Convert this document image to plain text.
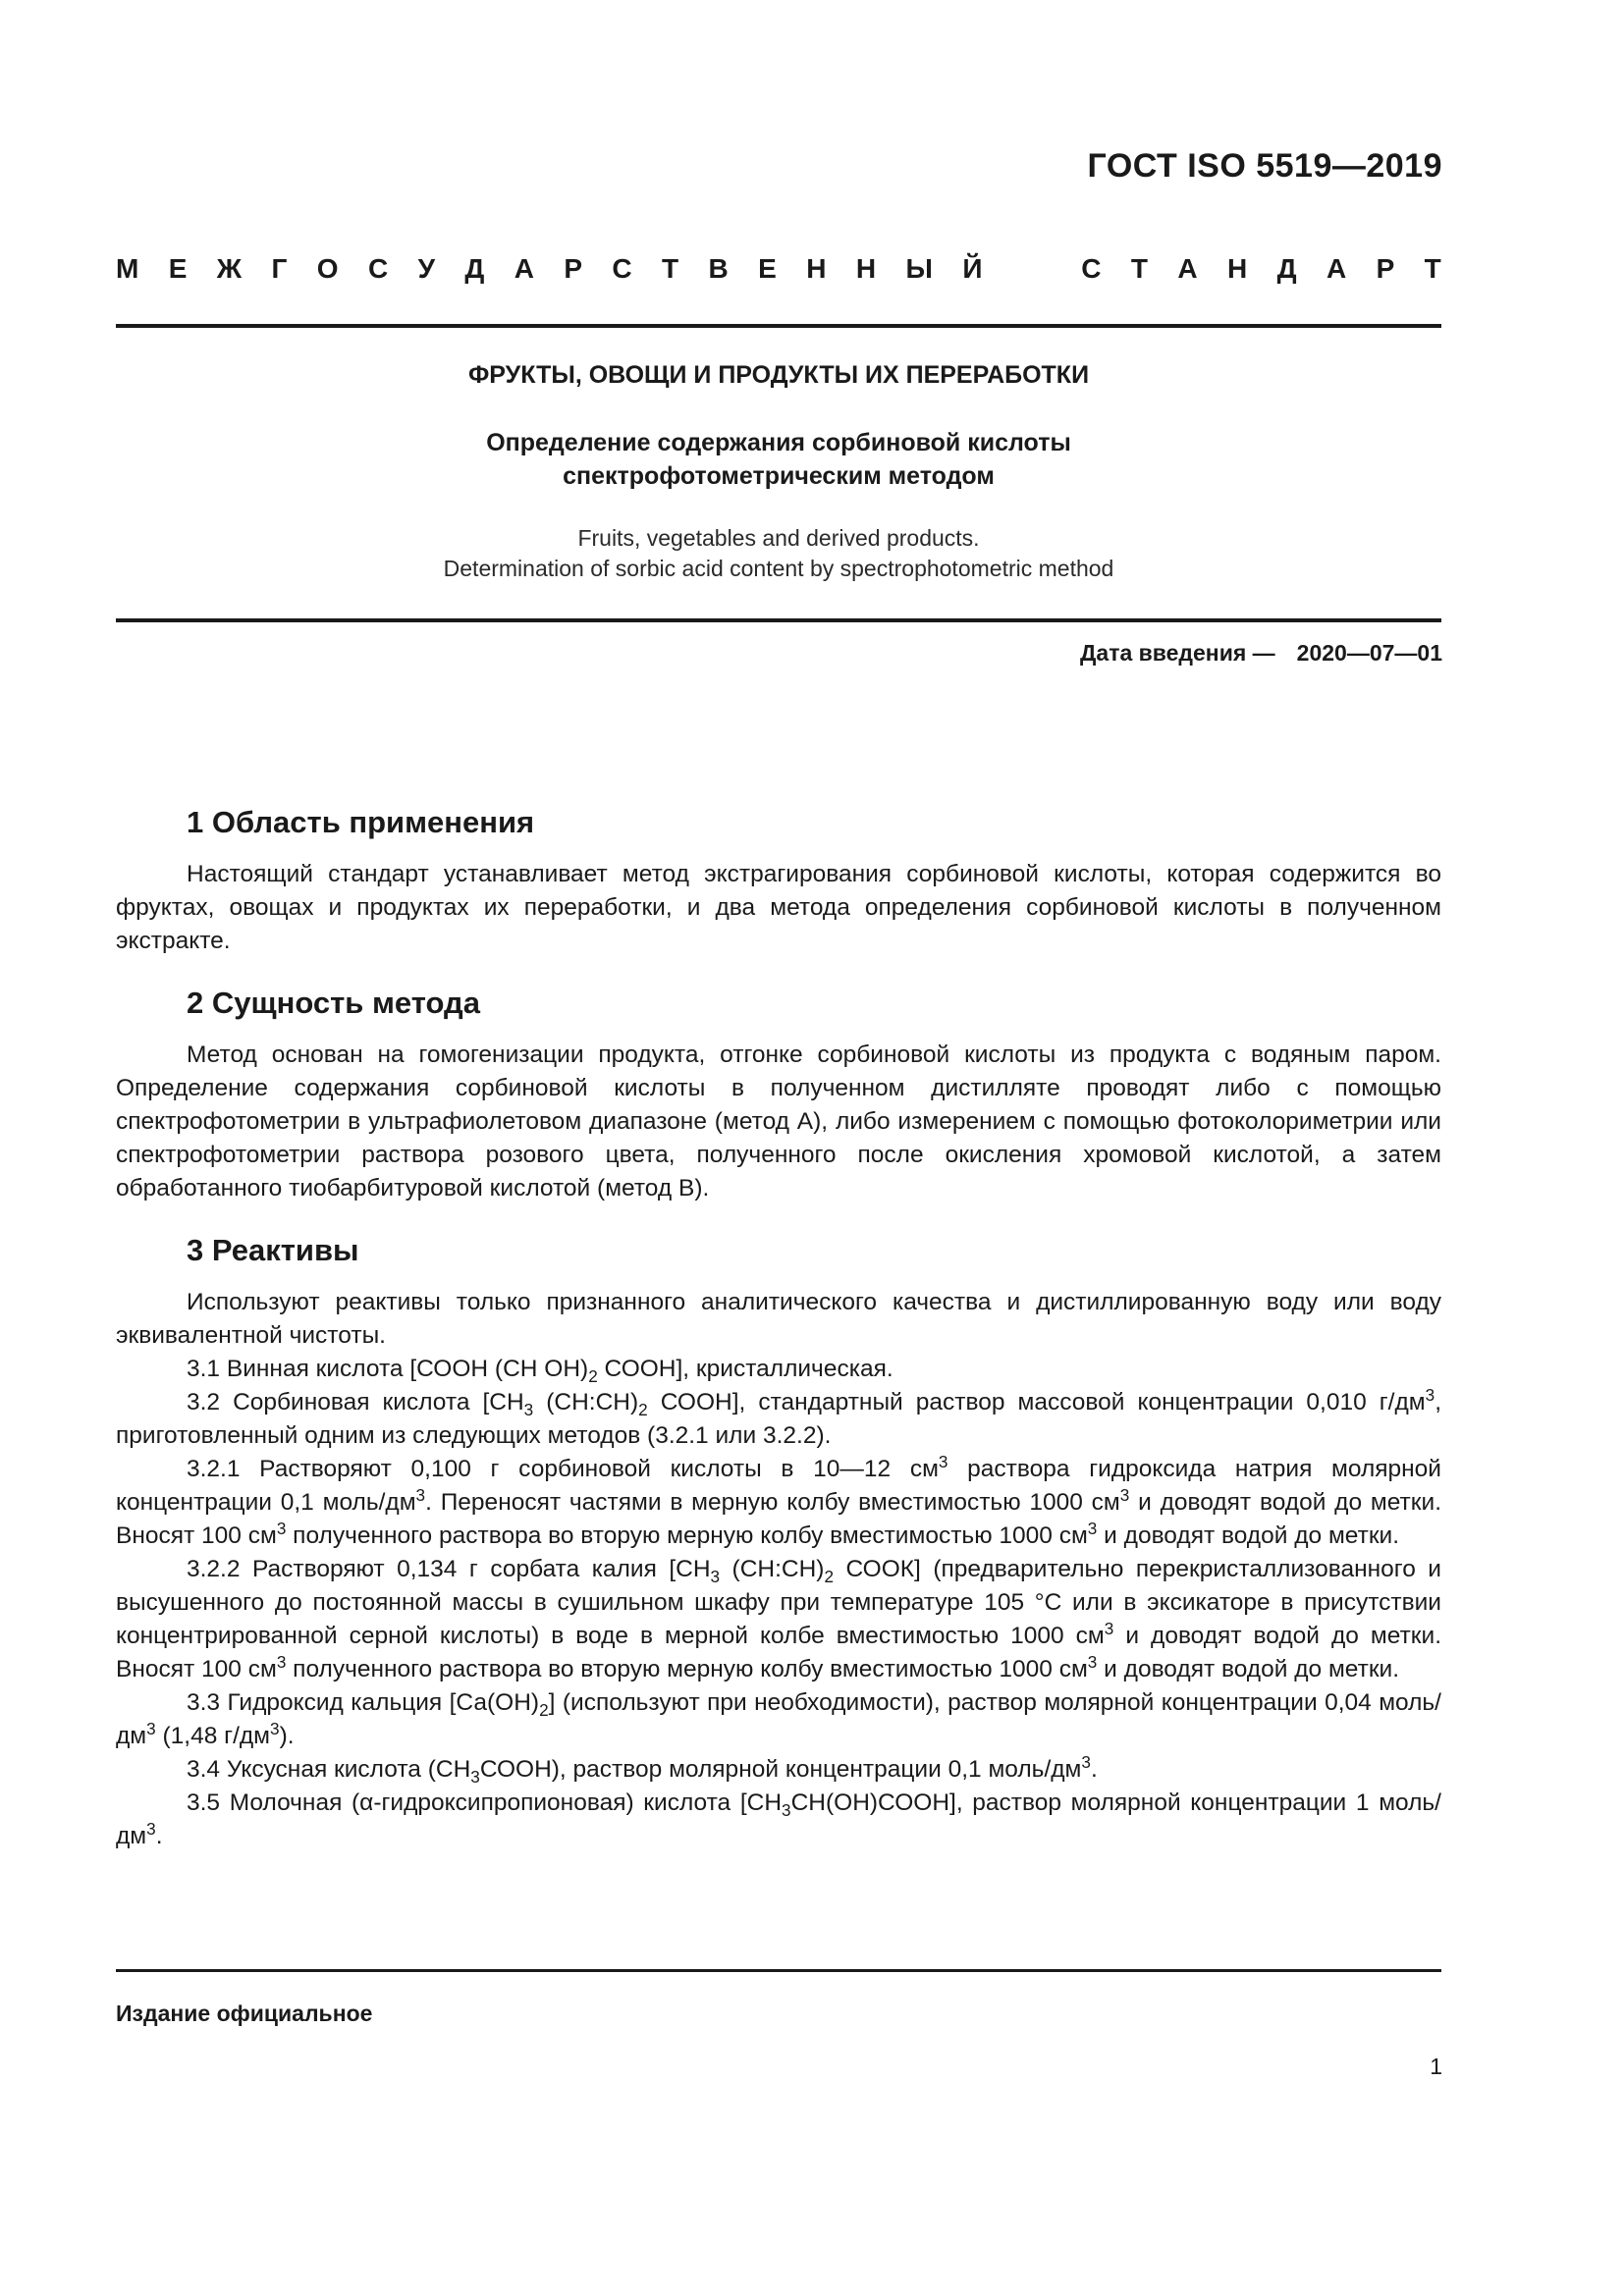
ГОСТ ISO 5519—2019
М Е Ж Г О С У Д А Р С Т В Е Н Н Ы Й	С Т А Н Д А Р Т
ФРУКТЫ, ОВОЩИ И ПРОДУКТЫ ИХ ПЕРЕРАБОТКИ
Определение содержания сорбиновой кислоты
спектрофотометрическим методом
Fruits, vegetables and derived products.
Determination of sorbic acid content by spectrophotometric method
Дата введения — 2020—07—01
1 Область применения

Настоящий стандарт устанавливает метод экстрагирования сорбиновой кислоты, которая содержится во фруктах, овощах и продуктах их переработки, и два метода определения сорбиновой кислоты в полученном экстракте.

2 Сущность метода

Метод основан на гомогенизации продукта, отгонке сорбиновой кислоты из продукта с водяным паром. Определение содержания сорбиновой кислоты в полученном дистилляте проводят либо с помощью спектрофотометрии в ультрафиолетовом диапазоне (метод А), либо измерением с помощью фотоколориметрии или спектрофотометрии раствора розового цвета, полученного после окисления хромовой кислотой, а затем обработанного тиобарбитуровой кислотой (метод В).

3 Реактивы

Используют реактивы только признанного аналитического качества и дистиллированную воду или воду эквивалентной чистоты.

3.1 Винная кислота [СООН (СН $ОН)_2$ СООН], кристаллическая.

3.2 Сорбиновая кислота [$СН_3$ $(СН:СН)_2$ СООН], стандартный раствор массовой концентрации 0,010 $г/дм^3$, приготовленный одним из следующих методов (3.2.1 или 3.2.2).

3.2.1 Растворяют 0,100 г сорбиновой кислоты в 10—12 $см^3$ раствора гидроксида натрия молярной концентрации 0,1 моль/$дм^3$. Переносят частями в мерную колбу вместимостью 1000 $см^3$ и доводят водой до метки. Вносят 100 $см^3$ полученного раствора во вторую мерную колбу вместимостью 1000 $см^3$ и доводят водой до метки.

3.2.2 Растворяют 0,134 г сорбата калия [$СН_3$ $(СН:СН)_2$ СООК] (предварительно перекристаллизованного и высушенного до постоянной массы в сушильном шкафу при температуре 105 °С или в эксикаторе в присутствии концентрированной серной кислоты) в воде в мерной колбе вместимостью 1000 $см^3$ и доводят водой до метки. Вносят 100 $см^3$ полученного раствора во вторую мерную колбу вместимостью 1000 $см^3$ и доводят водой до метки.

3.3 Гидроксид кальция $[Са(ОН)_2]$ (используют при необходимости), раствор молярной концентрации 0,04 моль/$дм^3$ (1,48 $г/дм^3$).

3.4 Уксусная кислота $(СН_3СООН)$, раствор молярной концентрации 0,1 моль/$дм^3$.

3.5 Молочная (α-гидроксипропионовая) кислота $[СН_3СН(ОН)СООН]$, раствор молярной концентрации 1 моль/$дм^3$.

Издание официальное
1
